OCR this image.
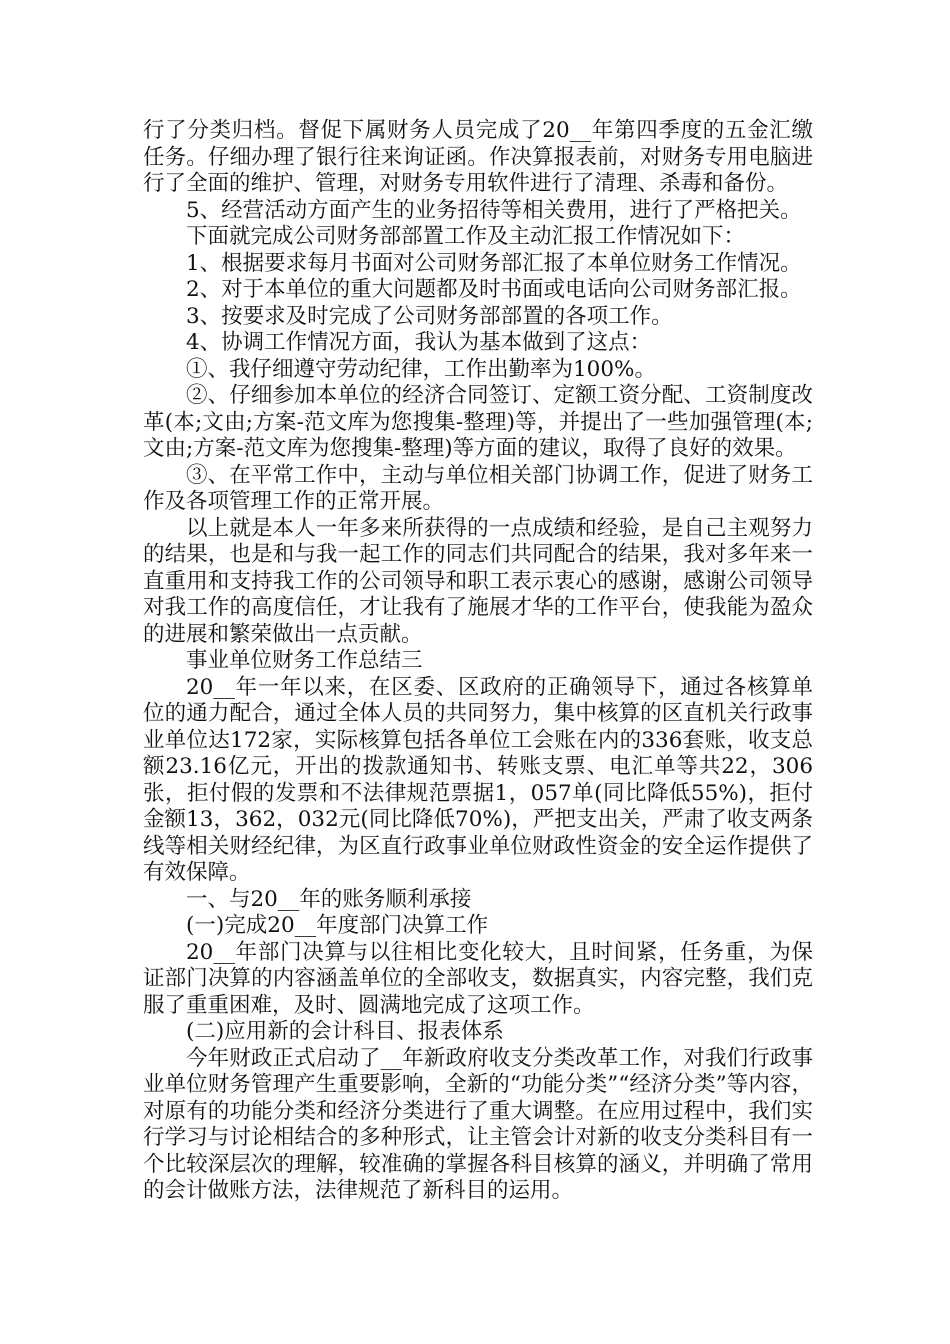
行了分类归档。督促下属财务人员完成了20__年第四季度的五金汇缴任务。仔细办理了银行往来询证函。作决算报表前，对财务专用电脑进行了全面的维护、管理，对财务专用软件进行了清理、杀毒和备份。

5、经营活动方面产生的业务招待等相关费用，进行了严格把关。

下面就完成公司财务部部置工作及主动汇报工作情况如下：

1、根据要求每月书面对公司财务部汇报了本单位财务工作情况。

2、对于本单位的重大问题都及时书面或电话向公司财务部汇报。

3、按要求及时完成了公司财务部部置的各项工作。

4、协调工作情况方面，我认为基本做到了这点：

①、我仔细遵守劳动纪律，工作出勤率为100%。

②、仔细参加本单位的经济合同签订、定额工资分配、工资制度改革(本;文由;方案-范文库为您搜集-整理)等，并提出了一些加强管理(本;文由;方案-范文库为您搜集-整理)等方面的建议，取得了良好的效果。

③、在平常工作中，主动与单位相关部门协调工作，促进了财务工作及各项管理工作的正常开展。

以上就是本人一年多来所获得的一点成绩和经验，是自己主观努力的结果，也是和与我一起工作的同志们共同配合的结果，我对多年来一直重用和支持我工作的公司领导和职工表示衷心的感谢，感谢公司领导对我工作的高度信任，才让我有了施展才华的工作平台，使我能为盈众的进展和繁荣做出一点贡献。

事业单位财务工作总结三

20__年一年以来，在区委、区政府的正确领导下，通过各核算单位的通力配合，通过全体人员的共同努力，集中核算的区直机关行政事业单位达172家，实际核算包括各单位工会账在内的336套账，收支总额23.16亿元，开出的拨款通知书、转账支票、电汇单等共22，306张，拒付假的发票和不法律规范票据1，057单(同比降低55%)，拒付金额13，362，032元(同比降低70%)，严把支出关，严肃了收支两条线等相关财经纪律，为区直行政事业单位财政性资金的安全运作提供了有效保障。

一、与20__年的账务顺利承接

(一)完成20__年度部门决算工作

20__年部门决算与以往相比变化较大，且时间紧，任务重，为保证部门决算的内容涵盖单位的全部收支，数据真实，内容完整，我们克服了重重困难，及时、圆满地完成了这项工作。

(二)应用新的会计科目、报表体系

今年财政正式启动了__年新政府收支分类改革工作，对我们行政事业单位财务管理产生重要影响，全新的“功能分类”“经济分类”等内容，对原有的功能分类和经济分类进行了重大调整。在应用过程中，我们实行学习与讨论相结合的多种形式，让主管会计对新的收支分类科目有一个比较深层次的理解，较准确的掌握各科目核算的涵义，并明确了常用的会计做账方法，法律规范了新科目的运用。
